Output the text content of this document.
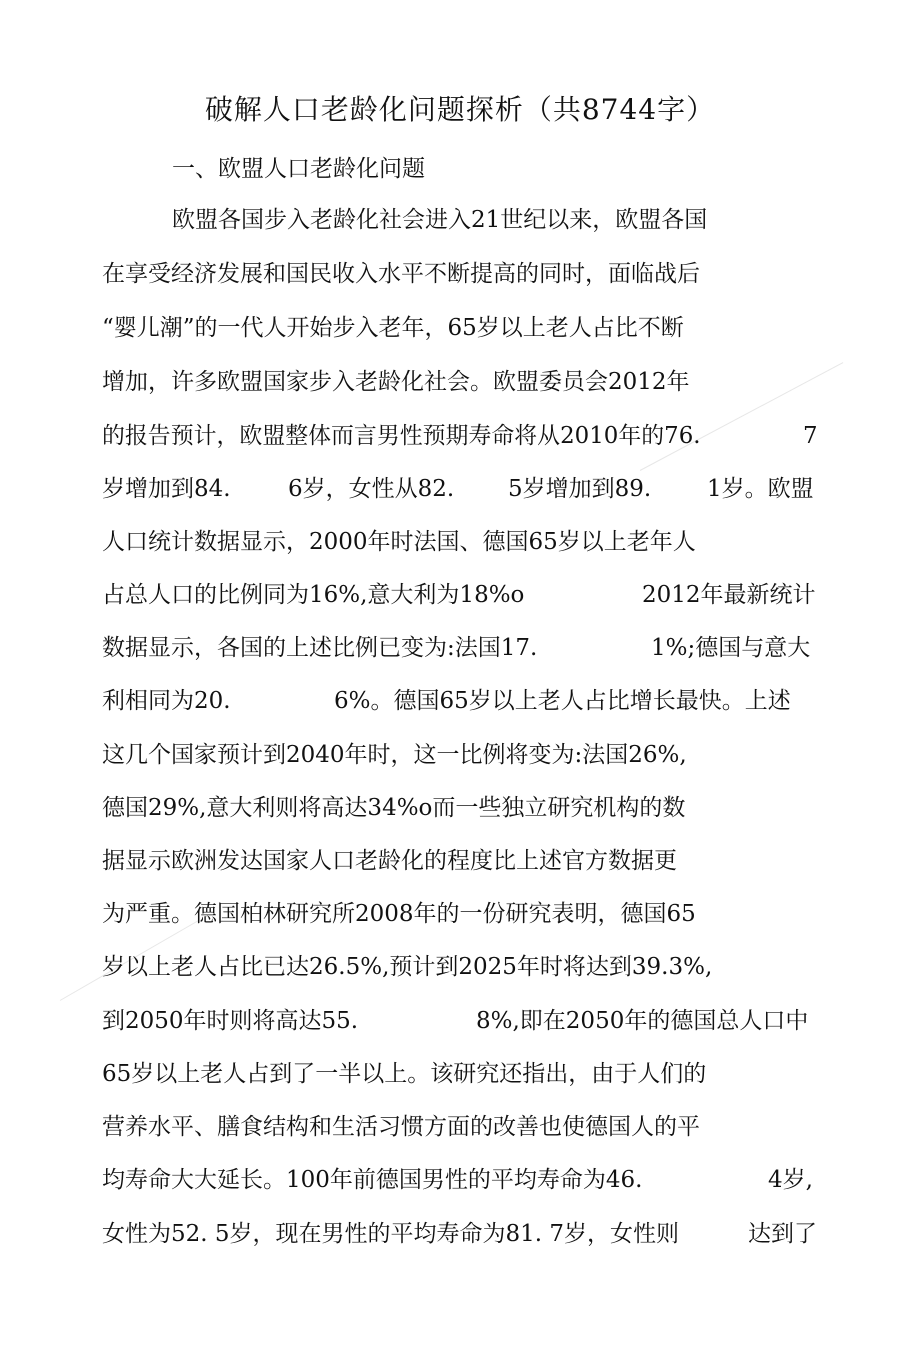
破解人口老龄化问题探析（共8744字）
一、欧盟人口老龄化问题
欧盟各国步入老龄化社会进入21世纪以来，欧盟各国
在享受经济发展和国民收入水平不断提高的同时，面临战后
“婴儿潮”的一代人开始步入老年，65岁以上老人占比不断
增加，许多欧盟国家步入老龄化社会。欧盟委员会2012年
的报告预计，欧盟整体而言男性预期寿命将从2010年的76.	7
岁增加到84. 6岁，女性从82. 5岁增加到89. 1岁。欧盟
人口统计数据显示，2000年时法国、德国65岁以上老年人
占总人口的比例同为16%,意大利为18%o	2012年最新统计
数据显示，各国的上述比例已变为:法国17.	1%;德国与意大
利相同为20.	6%。德国65岁以上老人占比增长最快。上述
这几个国家预计到2040年时，这一比例将变为:法国26%,
德国29%,意大利则将高达34%o而一些独立研究机构的数
据显示欧洲发达国家人口老龄化的程度比上述官方数据更
为严重。德国柏林研究所2008年的一份研究表明，德国65
岁以上老人占比已达26.5%,预计到2025年时将达到39.3%,
到2050年时则将高达55.	8%,即在2050年的德国总人口中
65岁以上老人占到了一半以上。该研究还指出，由于人们的
营养水平、膳食结构和生活习惯方面的改善也使德国人的平
均寿命大大延长。100年前德国男性的平均寿命为46.	4岁,
女性为52. 5岁，现在男性的平均寿命为81. 7岁，女性则	达到了
